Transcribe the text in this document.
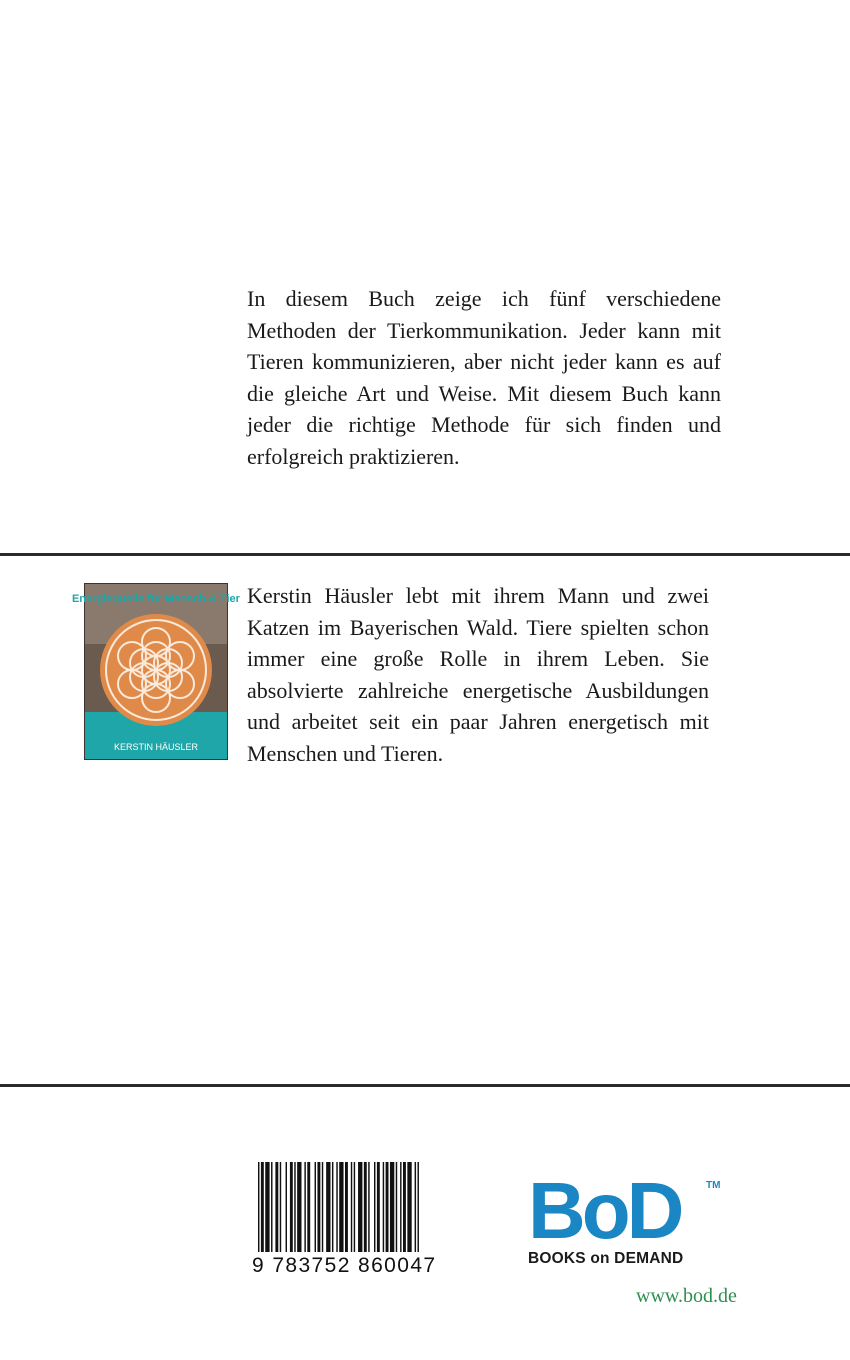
In diesem Buch zeige ich fünf verschiedene Methoden der Tierkommunikation. Jeder kann mit Tieren kommunizieren, aber nicht jeder kann es auf die gleiche Art und Weise. Mit diesem Buch kann jeder die richtige Methode für sich finden und erfolgreich praktizieren.

Energiequelle für Mensch & Tier
KERSTIN HÄUSLER
Kerstin Häusler lebt mit ihrem Mann und zwei Katzen im Bayerischen Wald. Tiere spielten schon immer eine große Rolle in ihrem Leben. Sie absolvierte zahlreiche energetische Ausbildungen und arbeitet seit ein paar Jahren energetisch mit Menschen und Tieren.
9 783752 860047
BoD	TM
BOOKS on DEMAND
www.bod.de
